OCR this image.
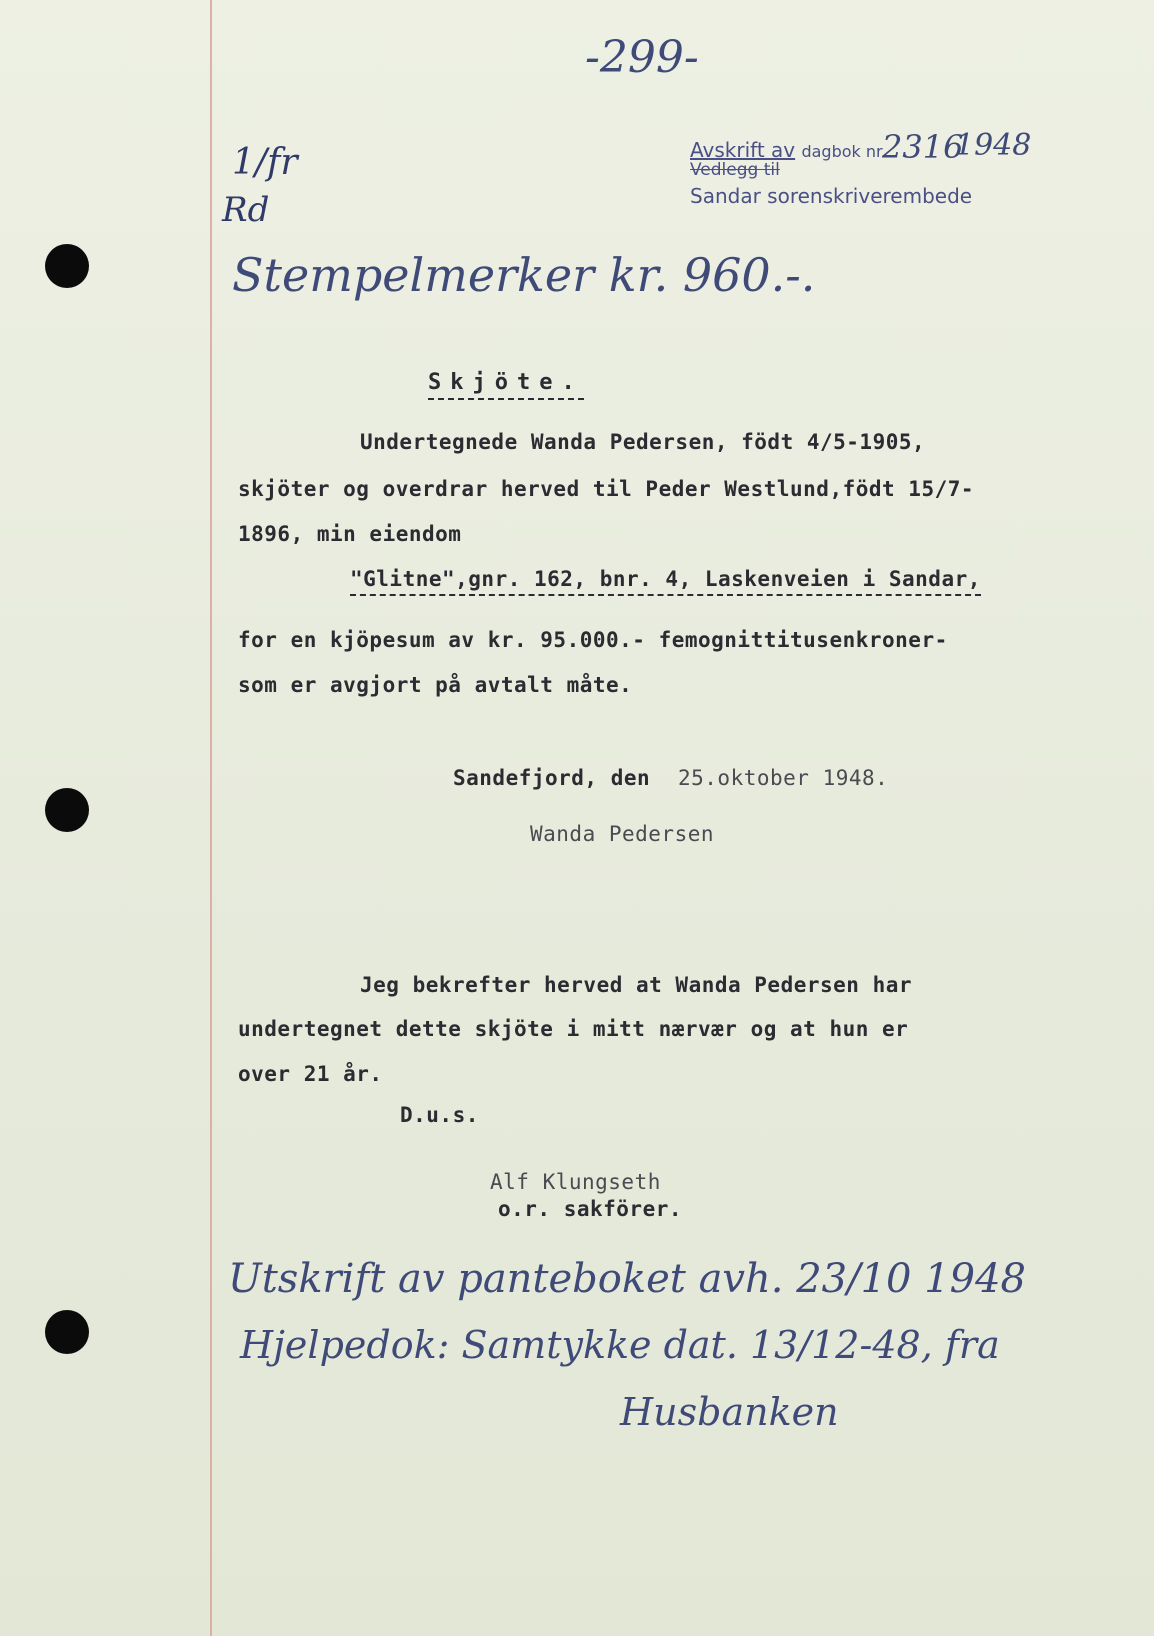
-299-
Avskrift av dagbok nr.
2316
1948
Vedlegg til
Sandar sorenskriverembede
1/fr
Rd
Stempelmerker kr. 960.-.
Skjöte.
Undertegnede Wanda Pedersen, födt 4/5-1905,
skjöter og overdrar herved til Peder Westlund,födt 15/7-
1896, min eiendom
"Glitne",gnr. 162, bnr. 4, Laskenveien i Sandar,
for en kjöpesum av kr. 95.000.- femognittitusenkroner-
som er avgjort på avtalt måte.
Sandefjord, den 25.oktober 1948.
Wanda Pedersen
Jeg bekrefter herved at Wanda Pedersen har
undertegnet dette skjöte i mitt nærvær og at hun er
over 21 år.
D.u.s.
Alf Klungseth
o.r. sakförer.
Utskrift av panteboket avh. 23/10 1948
Hjelpedok: Samtykke dat. 13/12-48, fra
Husbanken
